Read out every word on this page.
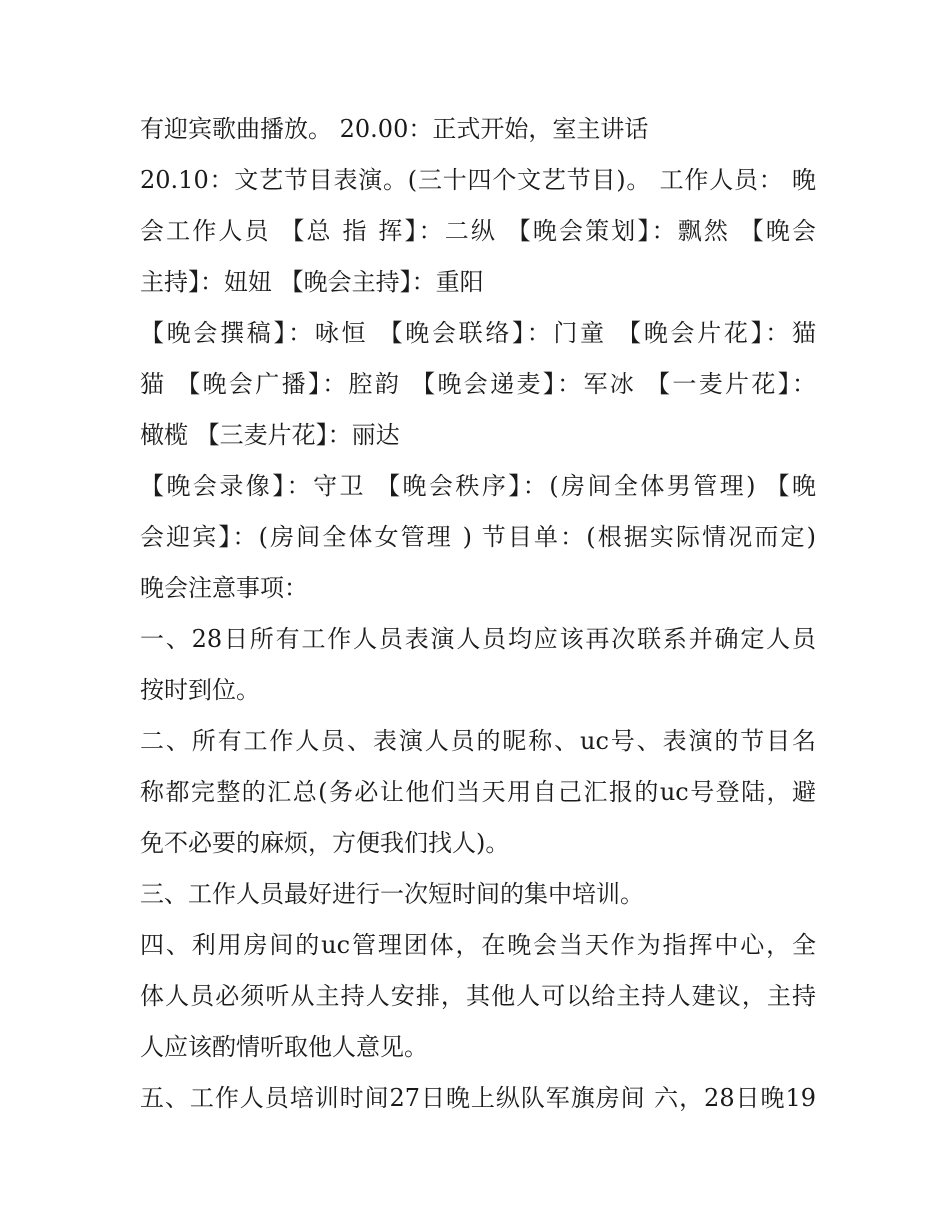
有迎宾歌曲播放。 20.00：正式开始，室主讲话
20.10：文艺节目表演。(三十四个文艺节目)。 工作人员： 晚
会工作人员 【总 指 挥】：二纵 【晚会策划】：飘然 【晚会
主持】：妞妞 【晚会主持】：重阳
【晚会撰稿】：咏恒 【晚会联络】：门童 【晚会片花】：猫
猫 【晚会广播】：腔韵 【晚会递麦】：军冰 【一麦片花】：
橄榄 【三麦片花】：丽达
【晚会录像】：守卫 【晚会秩序】：(房间全体男管理) 【晚
会迎宾】：(房间全体女管理 ) 节目单：(根据实际情况而定)
晚会注意事项：
一、28日所有工作人员表演人员均应该再次联系并确定人员
按时到位。
二、所有工作人员、表演人员的昵称、uc号、表演的节目名
称都完整的汇总(务必让他们当天用自己汇报的uc号登陆，避
免不必要的麻烦，方便我们找人)。
三、工作人员最好进行一次短时间的集中培训。
四、利用房间的uc管理团体，在晚会当天作为指挥中心，全
体人员必须听从主持人安排，其他人可以给主持人建议，主持
人应该酌情听取他人意见。
五、工作人员培训时间27日晚上纵队军旗房间 六，28日晚19
